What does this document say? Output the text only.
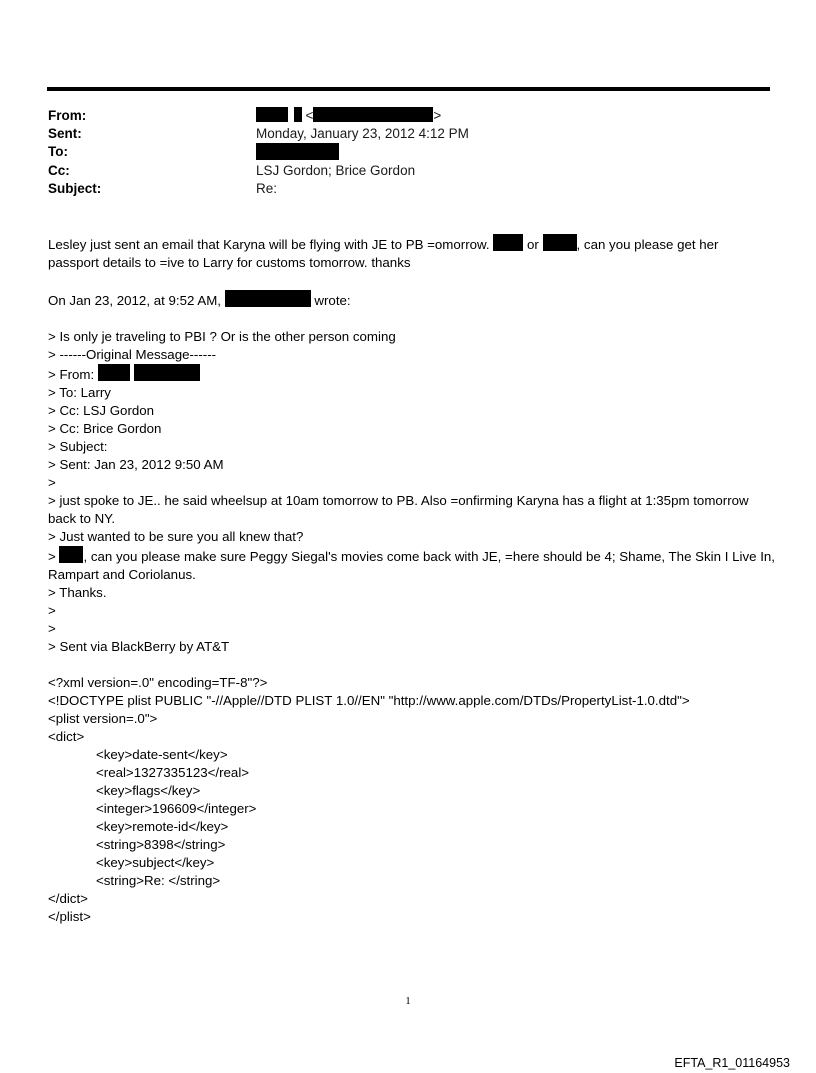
From:	<	>
Sent:	Monday, January 23, 2012 4:12 PM
To:
Cc:	LSJ Gordon; Brice Gordon
Subject:	Re:
Lesley just sent an email that Karyna will be flying with JE to PB =omorrow.	or	, can you please get her
passport details to =ive to Larry for customs tomorrow. thanks
On Jan 23, 2012, at 9:52 AM,	wrote:
> Is only je traveling to PBI ? Or is the other person coming
> ------Original Message------
> From:
> To: Larry
> Cc: LSJ Gordon
> Cc: Brice Gordon
> Subject:
> Sent: Jan 23, 2012 9:50 AM
>
> just spoke to JE.. he said wheelsup at 10am tomorrow to PB. Also =onfirming Karyna has a flight at 1:35pm tomorrow back to NY.
> Just wanted to be sure you all knew that?
> , can you please make sure Peggy Siegal's movies come back with JE, =here should be 4; Shame, The Skin I Live In, Rampart and Coriolanus.
> Thanks.
>
>
> Sent via BlackBerry by AT&T
<?xml version=.0" encoding=TF-8"?>
<!DOCTYPE plist PUBLIC "-//Apple//DTD PLIST 1.0//EN" "http://www.apple.com/DTDs/PropertyList-1.0.dtd">
<plist version=.0">
<dict>
<key>date-sent</key>
<real>1327335123</real>
<key>flags</key>
<integer>196609</integer>
<key>remote-id</key>
<string>8398</string>
<key>subject</key>
<string>Re: </string>
</dict>
</plist>
1
EFTA_R1_01164953
